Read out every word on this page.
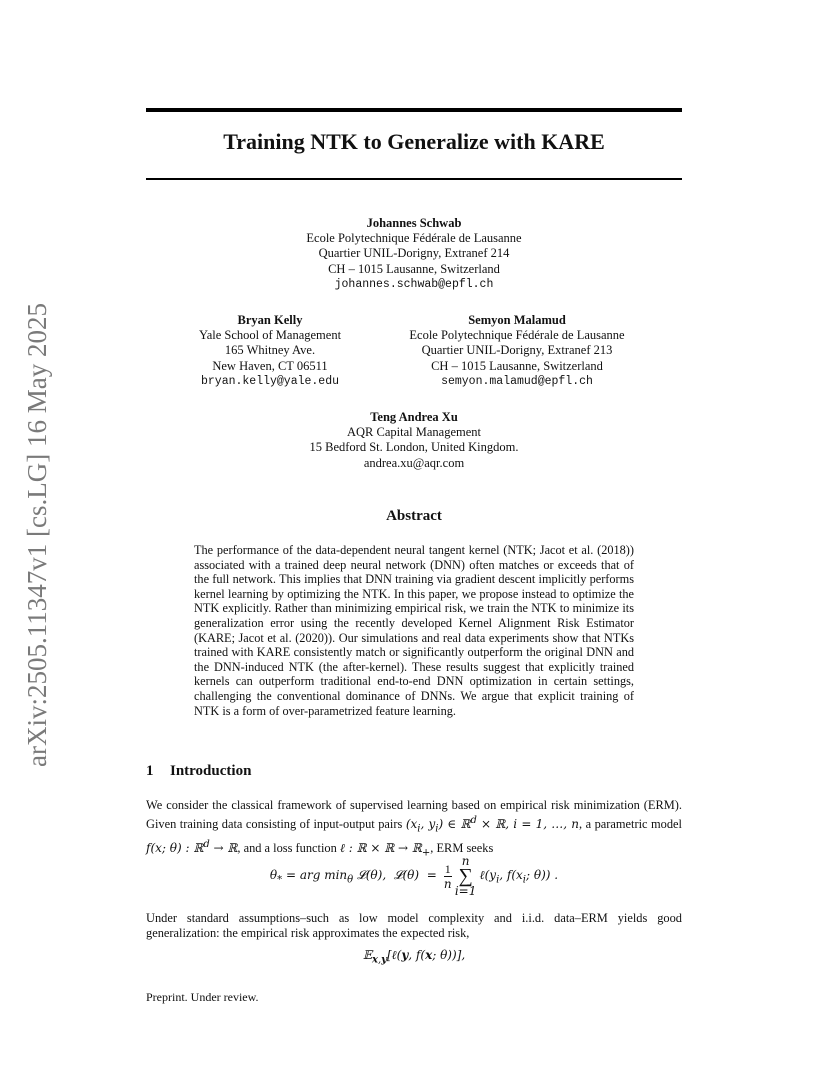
arXiv:2505.11347v1 [cs.LG] 16 May 2025
Training NTK to Generalize with KARE
Johannes Schwab
Ecole Polytechnique Fédérale de Lausanne
Quartier UNIL-Dorigny, Extranef 214
CH – 1015 Lausanne, Switzerland
johannes.schwab@epfl.ch
Bryan Kelly
Yale School of Management
165 Whitney Ave.
New Haven, CT 06511
bryan.kelly@yale.edu
Semyon Malamud
Ecole Polytechnique Fédérale de Lausanne
Quartier UNIL-Dorigny, Extranef 213
CH – 1015 Lausanne, Switzerland
semyon.malamud@epfl.ch
Teng Andrea Xu
AQR Capital Management
15 Bedford St. London, United Kingdom.
andrea.xu@aqr.com
Abstract
The performance of the data-dependent neural tangent kernel (NTK; Jacot et al. (2018)) associated with a trained deep neural network (DNN) often matches or exceeds that of the full network. This implies that DNN training via gradient descent implicitly performs kernel learning by optimizing the NTK. In this paper, we propose instead to optimize the NTK explicitly. Rather than minimizing empirical risk, we train the NTK to minimize its generalization error using the recently developed Kernel Alignment Risk Estimator (KARE; Jacot et al. (2020)). Our simulations and real data experiments show that NTKs trained with KARE consistently match or significantly outperform the original DNN and the DNN-induced NTK (the after-kernel). These results suggest that explicitly trained kernels can outperform traditional end-to-end DNN optimization in certain settings, challenging the conventional dominance of DNNs. We argue that explicit training of NTK is a form of over-parametrized feature learning.
1 Introduction
We consider the classical framework of supervised learning based on empirical risk minimization (ERM). Given training data consisting of input-output pairs ($x_i$, $y_i$) ∈ ℝ$^d$ × ℝ, i = 1, …, n, a parametric model f(x; θ) : ℝ$^d$ → ℝ, and a loss function ℓ : ℝ × ℝ → ℝ$_+$, ERM seeks
$\theta_*$ = arg $\min_\theta$ 𝓛(θ),  𝓛(θ)  = $\frac{1}{n}$

n
∑
i=1
$\ell(y_i$, $f(x_i$; θ)) .
Under standard assumptions–such as low model complexity and i.i.d. data–ERM yields good generalization: the empirical risk approximates the expected risk,
𝔼$_{x,y}$[ℓ(y, f(x; θ))],
Preprint. Under review.
